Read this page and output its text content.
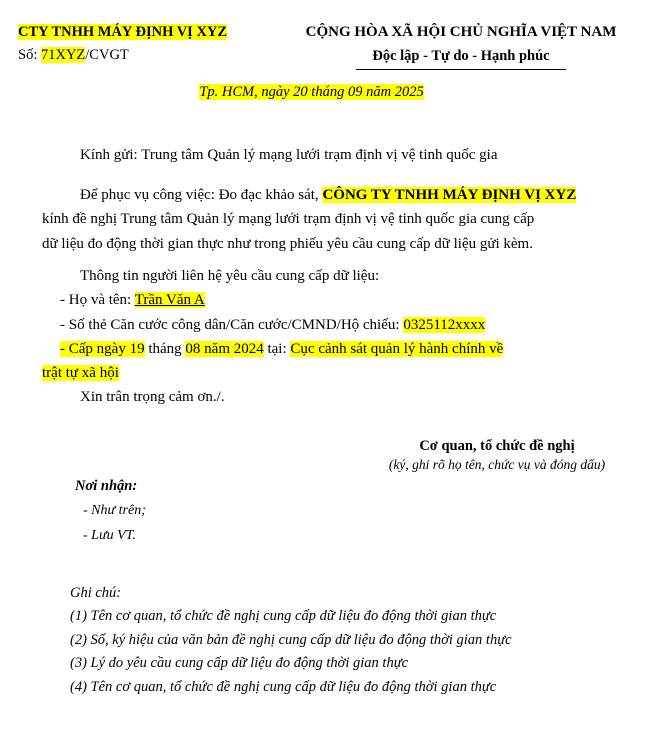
CTY TNHH MÁY ĐỊNH VỊ XYZ
Số: 71XYZ/CVGT
CỘNG HÒA XÃ HỘI CHỦ NGHĨA VIỆT NAM
Độc lập - Tự do - Hạnh phúc
Tp. HCM, ngày 20 tháng 09 năm 2025
Kính gửi: Trung tâm Quản lý mạng lưới trạm định vị vệ tinh quốc gia
Để phục vụ công việc: Đo đạc khảo sát, CÔNG TY TNHH MÁY ĐỊNH VỊ XYZ
kính đề nghị Trung tâm Quản lý mạng lưới trạm định vị vệ tinh quốc gia cung cấp
dữ liệu đo động thời gian thực như trong phiếu yêu cầu cung cấp dữ liệu gửi kèm.
Thông tin người liên hệ yêu cầu cung cấp dữ liệu:
- Họ và tên: Trần Văn A
- Số thẻ Căn cước công dân/Căn cước/CMND/Hộ chiếu: 0325112xxxx
- Cấp ngày 19 tháng 08 năm 2024 tại: Cục cảnh sát quản lý hành chính về
trật tự xã hội
Xin trân trọng cảm ơn./.
Cơ quan, tổ chức đề nghị
(ký, ghi rõ họ tên, chức vụ và đóng dấu)
Nơi nhận:
- Như trên;
- Lưu VT.
Ghi chú:
(1) Tên cơ quan, tổ chức đề nghị cung cấp dữ liệu đo động thời gian thực
(2) Số, ký hiệu của văn bản đề nghị cung cấp dữ liệu đo động thời gian thực
(3) Lý do yêu cầu cung cấp dữ liệu đo động thời gian thực
(4) Tên cơ quan, tổ chức đề nghị cung cấp dữ liệu đo động thời gian thực
